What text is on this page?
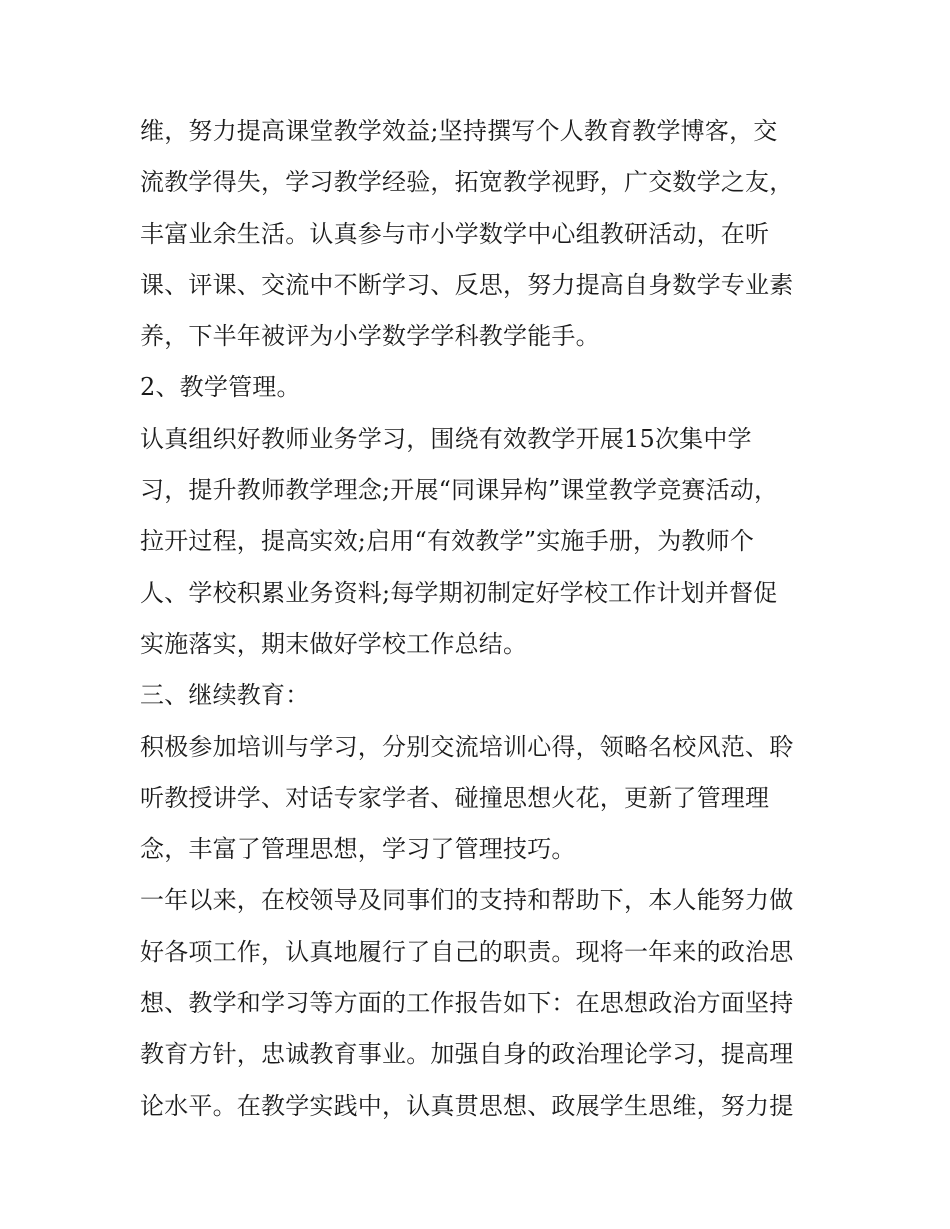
维，努力提高课堂教学效益;坚持撰写个人教育教学博客，交
流教学得失，学习教学经验，拓宽教学视野，广交数学之友，
丰富业余生活。认真参与市小学数学中心组教研活动，在听
课、评课、交流中不断学习、反思，努力提高自身数学专业素
养，下半年被评为小学数学学科教学能手。
2、教学管理。
认真组织好教师业务学习，围绕有效教学开展15次集中学
习，提升教师教学理念;开展“同课异构”课堂教学竞赛活动，
拉开过程，提高实效;启用“有效教学”实施手册，为教师个
人、学校积累业务资料;每学期初制定好学校工作计划并督促
实施落实，期末做好学校工作总结。
三、继续教育：
积极参加培训与学习，分别交流培训心得，领略名校风范、聆
听教授讲学、对话专家学者、碰撞思想火花，更新了管理理
念，丰富了管理思想，学习了管理技巧。
一年以来，在校领导及同事们的支持和帮助下，本人能努力做
好各项工作，认真地履行了自己的职责。现将一年来的政治思
想、教学和学习等方面的工作报告如下：在思想政治方面坚持
教育方针，忠诚教育事业。加强自身的政治理论学习，提高理
论水平。在教学实践中，认真贯思想、政展学生思维，努力提
